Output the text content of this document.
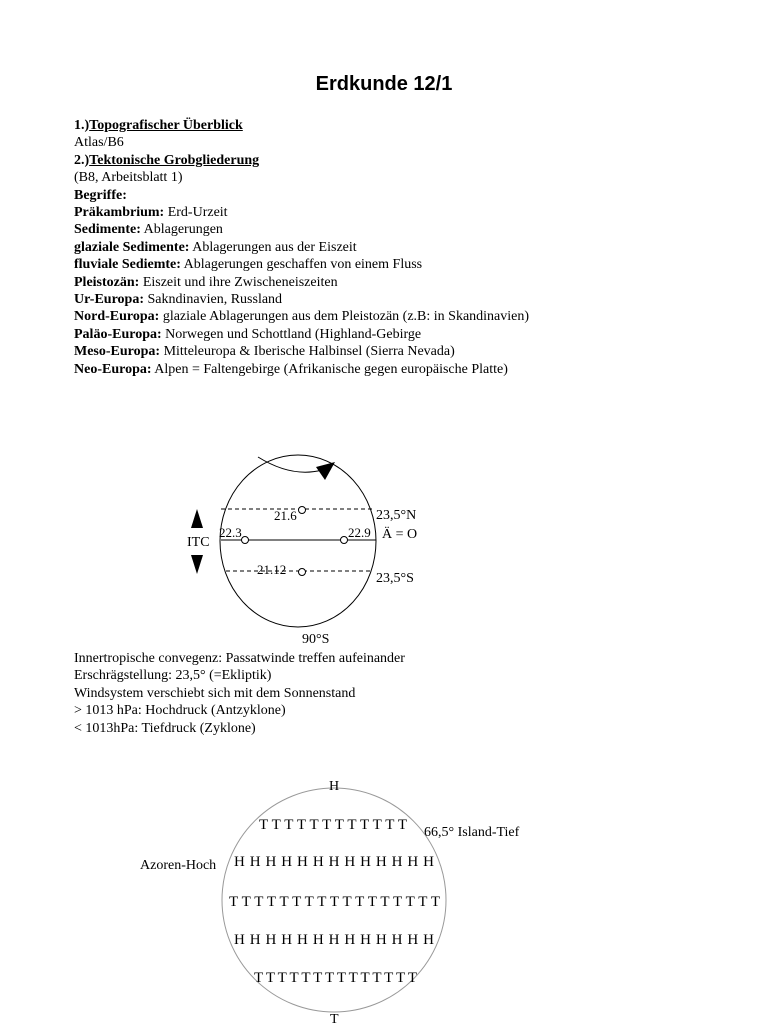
Erdkunde 12/1
1.)Topografischer Überblick
Atlas/B6
2.)Tektonische Grobgliederung
(B8, Arbeitsblatt 1)
Begriffe:
Präkambrium: Erd-Urzeit
Sedimente: Ablagerungen
glaziale Sedimente: Ablagerungen aus der Eiszeit
fluviale Sediemte: Ablagerungen geschaffen von einem Fluss
Pleistozän: Eiszeit und ihre Zwischeneiszeiten
Ur-Europa: Sakndinavien, Russland
Nord-Europa: glaziale Ablagerungen aus dem Pleistozän (z.B: in Skandinavien)
Paläo-Europa: Norwegen und Schottland (Highland-Gebirge
Meso-Europa: Mitteleuropa & Iberische Halbinsel (Sierra Nevada)
Neo-Europa: Alpen = Faltengebirge (Afrikanische gegen europäische Platte)
21.6
22.3	22.9
21.12
23,5°N
Ä = O
23,5°S
ITC
90°S
Innertropische convegenz: Passatwinde treffen aufeinander
Erschrägstellung: 23,5° (=Ekliptik)
Windsystem verschiebt sich mit dem Sonnenstand
> 1013 hPa: Hochdruck (Antzyklone)
< 1013hPa: Tiefdruck (Zyklone)
H
T
Azoren-Hoch
66,5° Island-Tief
TTTTTTTTTTTT
H H H H H H H H H H H H H
TTTTTTTTTTTTTTTTT
H H H H H H H H H H H H H
TTTTTTTTTTTTTT
